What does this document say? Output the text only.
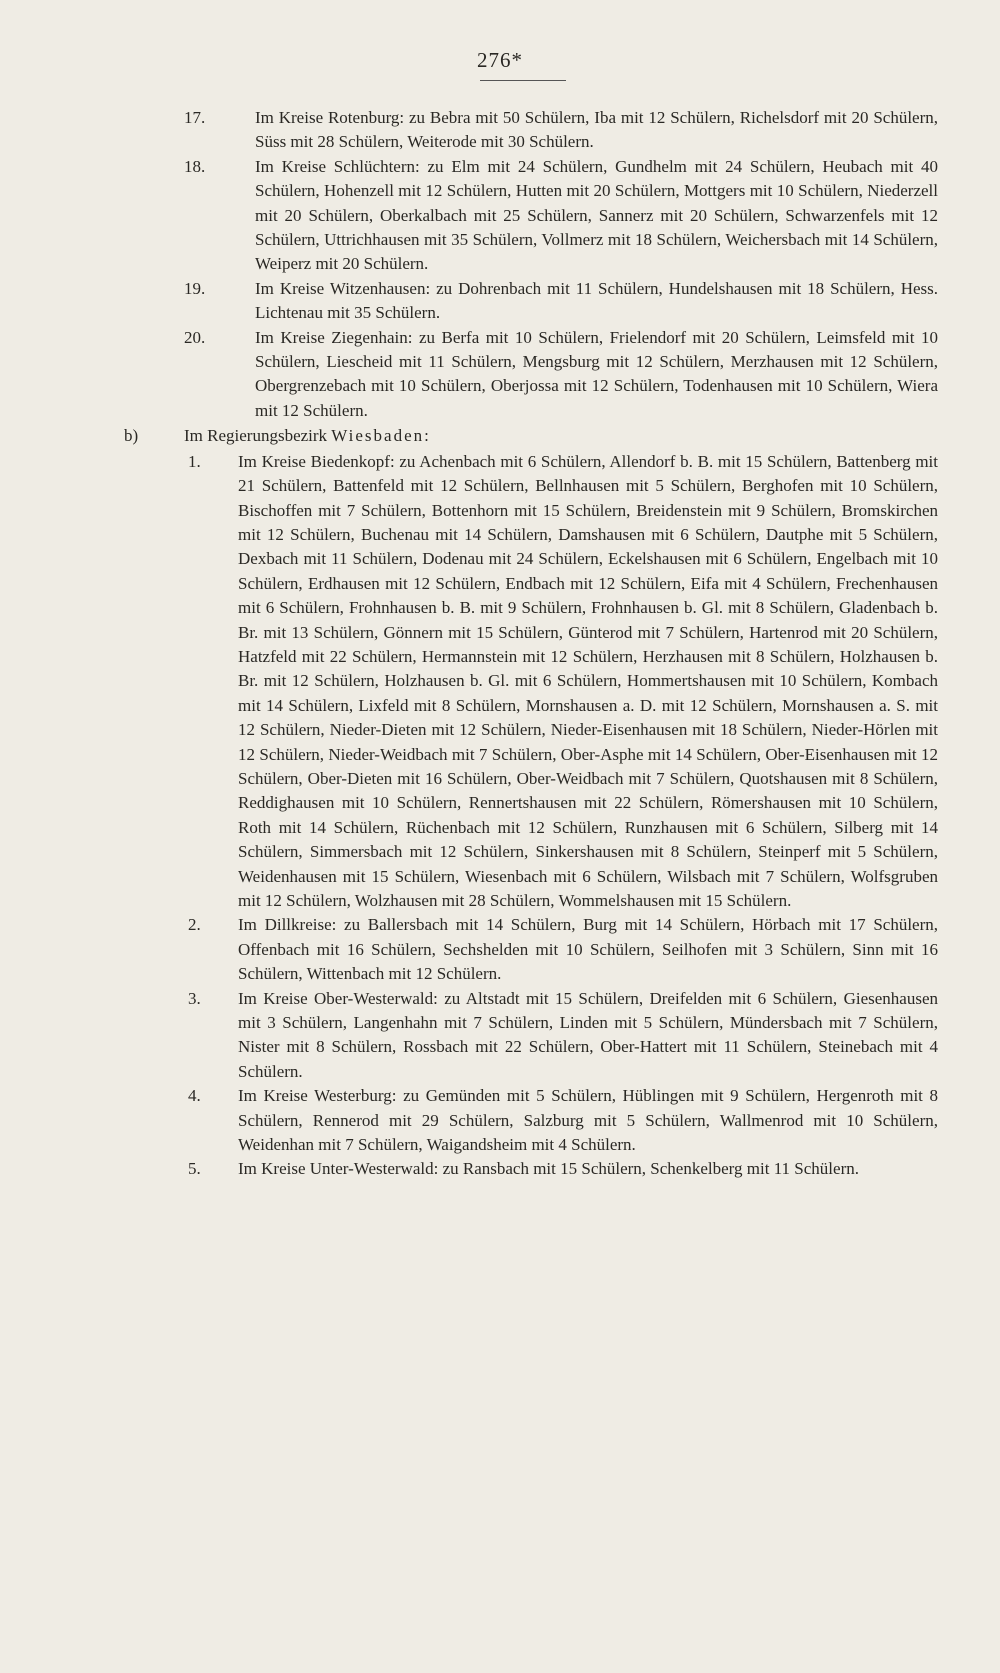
276*

17.	Im Kreise Rotenburg: zu Bebra mit 50 Schülern, Iba mit 12 Schülern, Richelsdorf mit 20 Schülern, Süss mit 28 Schülern, Weiterode mit 30 Schülern.

18.	Im Kreise Schlüchtern: zu Elm mit 24 Schülern, Gundhelm mit 24 Schülern, Heubach mit 40 Schülern, Hohenzell mit 12 Schülern, Hutten mit 20 Schülern, Mottgers mit 10 Schülern, Niederzell mit 20 Schülern, Oberkalbach mit 25 Schülern, Sannerz mit 20 Schülern, Schwarzenfels mit 12 Schülern, Uttrichhausen mit 35 Schülern, Vollmerz mit 18 Schülern, Weichersbach mit 14 Schülern, Weiperz mit 20 Schülern.

19.	Im Kreise Witzenhausen: zu Dohrenbach mit 11 Schülern, Hundelshausen mit 18 Schülern, Hess. Lichtenau mit 35 Schülern.

20.	Im Kreise Ziegenhain: zu Berfa mit 10 Schülern, Frielendorf mit 20 Schülern, Leimsfeld mit 10 Schülern, Liescheid mit 11 Schülern, Mengsburg mit 12 Schülern, Merzhausen mit 12 Schülern, Obergrenzebach mit 10 Schülern, Oberjossa mit 12 Schülern, Todenhausen mit 10 Schülern, Wiera mit 12 Schülern.

b)	Im Regierungsbezirk Wiesbaden:

1. Im Kreise Biedenkopf: zu Achenbach mit 6 Schülern, Allendorf b. B. mit 15 Schülern, Battenberg mit 21 Schülern, Battenfeld mit 12 Schülern, Bellnhausen mit 5 Schülern, Berghofen mit 10 Schülern, Bischoffen mit 7 Schülern, Bottenhorn mit 15 Schülern, Breidenstein mit 9 Schülern, Bromskirchen mit 12 Schülern, Buchenau mit 14 Schülern, Damshausen mit 6 Schülern, Dautphe mit 5 Schülern, Dexbach mit 11 Schülern, Dodenau mit 24 Schülern, Eckelshausen mit 6 Schülern, Engelbach mit 10 Schülern, Erdhausen mit 12 Schülern, Endbach mit 12 Schülern, Eifa mit 4 Schülern, Frechenhausen mit 6 Schülern, Frohnhausen b. B. mit 9 Schülern, Frohnhausen b. Gl. mit 8 Schülern, Gladenbach b. Br. mit 13 Schülern, Gönnern mit 15 Schülern, Günterod mit 7 Schülern, Hartenrod mit 20 Schülern, Hatzfeld mit 22 Schülern, Hermannstein mit 12 Schülern, Herzhausen mit 8 Schülern, Holzhausen b. Br. mit 12 Schülern, Holzhausen b. Gl. mit 6 Schülern, Hommertshausen mit 10 Schülern, Kombach mit 14 Schülern, Lixfeld mit 8 Schülern, Mornshausen a. D. mit 12 Schülern, Mornshausen a. S. mit 12 Schülern, Nieder-Dieten mit 12 Schülern, Nieder-Eisenhausen mit 18 Schülern, Nieder-Hörlen mit 12 Schülern, Nieder-Weidbach mit 7 Schülern, Ober-Asphe mit 14 Schülern, Ober-Eisenhausen mit 12 Schülern, Ober-Dieten mit 16 Schülern, Ober-Weidbach mit 7 Schülern, Quotshausen mit 8 Schülern, Reddighausen mit 10 Schülern, Rennertshausen mit 22 Schülern, Römershausen mit 10 Schülern, Roth mit 14 Schülern, Rüchenbach mit 12 Schülern, Runzhausen mit 6 Schülern, Silberg mit 14 Schülern, Simmersbach mit 12 Schülern, Sinkershausen mit 8 Schülern, Steinperf mit 5 Schülern, Weidenhausen mit 15 Schülern, Wiesenbach mit 6 Schülern, Wilsbach mit 7 Schülern, Wolfsgruben mit 12 Schülern, Wolzhausen mit 28 Schülern, Wommelshausen mit 15 Schülern.

2. Im Dillkreise: zu Ballersbach mit 14 Schülern, Burg mit 14 Schülern, Hörbach mit 17 Schülern, Offenbach mit 16 Schülern, Sechshelden mit 10 Schülern, Seilhofen mit 3 Schülern, Sinn mit 16 Schülern, Wittenbach mit 12 Schülern.

3. Im Kreise Ober-Westerwald: zu Altstadt mit 15 Schülern, Dreifelden mit 6 Schülern, Giesenhausen mit 3 Schülern, Langenhahn mit 7 Schülern, Linden mit 5 Schülern, Mündersbach mit 7 Schülern, Nister mit 8 Schülern, Rossbach mit 22 Schülern, Ober-Hattert mit 11 Schülern, Steinebach mit 4 Schülern.

4. Im Kreise Westerburg: zu Gemünden mit 5 Schülern, Hüblingen mit 9 Schülern, Hergenroth mit 8 Schülern, Rennerod mit 29 Schülern, Salzburg mit 5 Schülern, Wallmenrod mit 10 Schülern, Weidenhan mit 7 Schülern, Waigandsheim mit 4 Schülern.

5. Im Kreise Unter-Westerwald: zu Ransbach mit 15 Schülern, Schenkelberg mit 11 Schülern.
